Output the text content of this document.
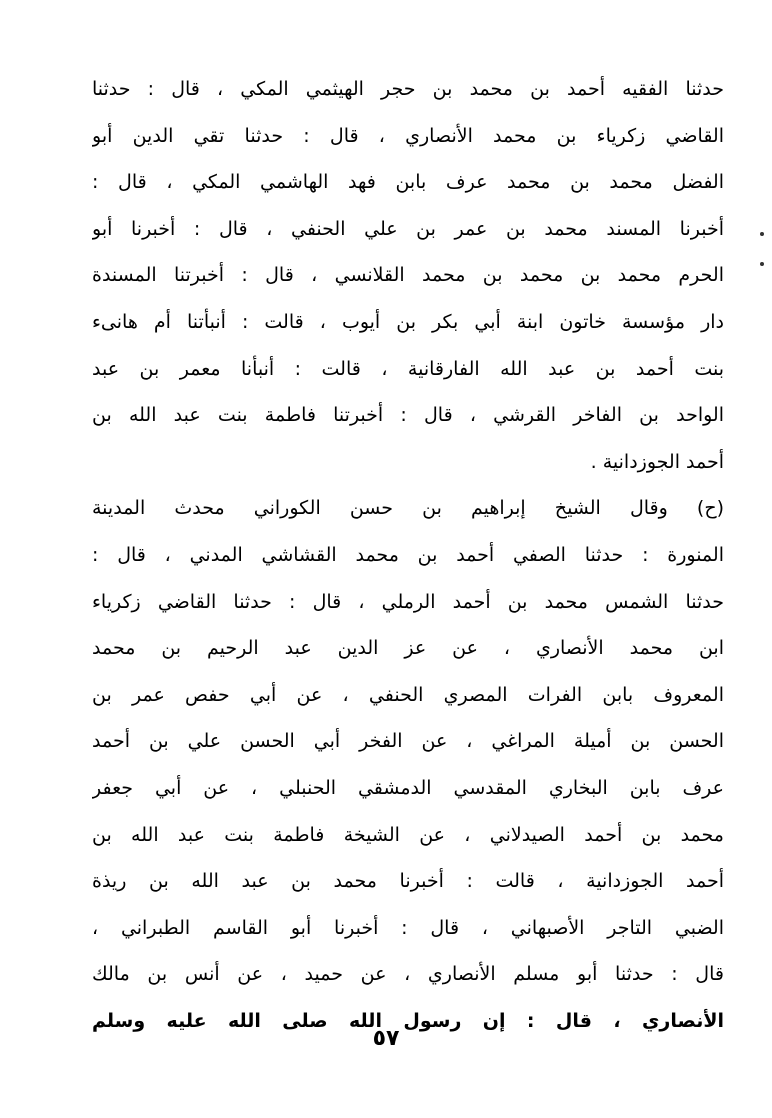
حدثنا الفقيه أحمد بن محمد بن حجر الهيثمي المكي ، قال : حدثنا
القاضي زكرياء بن محمد الأنصاري ، قال : حدثنا تقي الدين أبو
الفضل محمد بن محمد عرف بابن فهد الهاشمي المكي ، قال :
أخبرنا المسند محمد بن عمر بن علي الحنفي ، قال : أخبرنا أبو
الحرم محمد بن محمد بن محمد القلانسي ، قال : أخبرتنا المسندة
دار مؤسسة خاتون ابنة أبي بكر بن أيوب ، قالت : أنبأتنا أم هانىء
بنت أحمد بن عبد الله الفارقانية ، قالت : أنبأنا معمر بن عبد
الواحد بن الفاخر القرشي ، قال : أخبرتنا فاطمة بنت عبد الله بن
أحمد الجوزدانية .
(ح) وقال الشيخ إبراهيم بن حسن الكوراني محدث المدينة
المنورة : حدثنا الصفي أحمد بن محمد القشاشي المدني ، قال :
حدثنا الشمس محمد بن أحمد الرملي ، قال : حدثنا القاضي زكرياء
ابن محمد الأنصاري ، عن عز الدين عبد الرحيم بن محمد
المعروف بابن الفرات المصري الحنفي ، عن أبي حفص عمر بن
الحسن بن أميلة المراغي ، عن الفخر أبي الحسن علي بن أحمد
عرف بابن البخاري المقدسي الدمشقي الحنبلي ، عن أبي جعفر
محمد بن أحمد الصيدلاني ، عن الشيخة فاطمة بنت عبد الله بن
أحمد الجوزدانية ، قالت : أخبرنا محمد بن عبد الله بن ريذة
الضبي التاجر الأصبهاني ، قال : أخبرنا أبو القاسم الطبراني ،
قال : حدثنا أبو مسلم الأنصاري ، عن حميد ، عن أنس بن مالك
الأنصاري ، قال : إن رسول الله صلى الله عليه وسلم
٥٧
